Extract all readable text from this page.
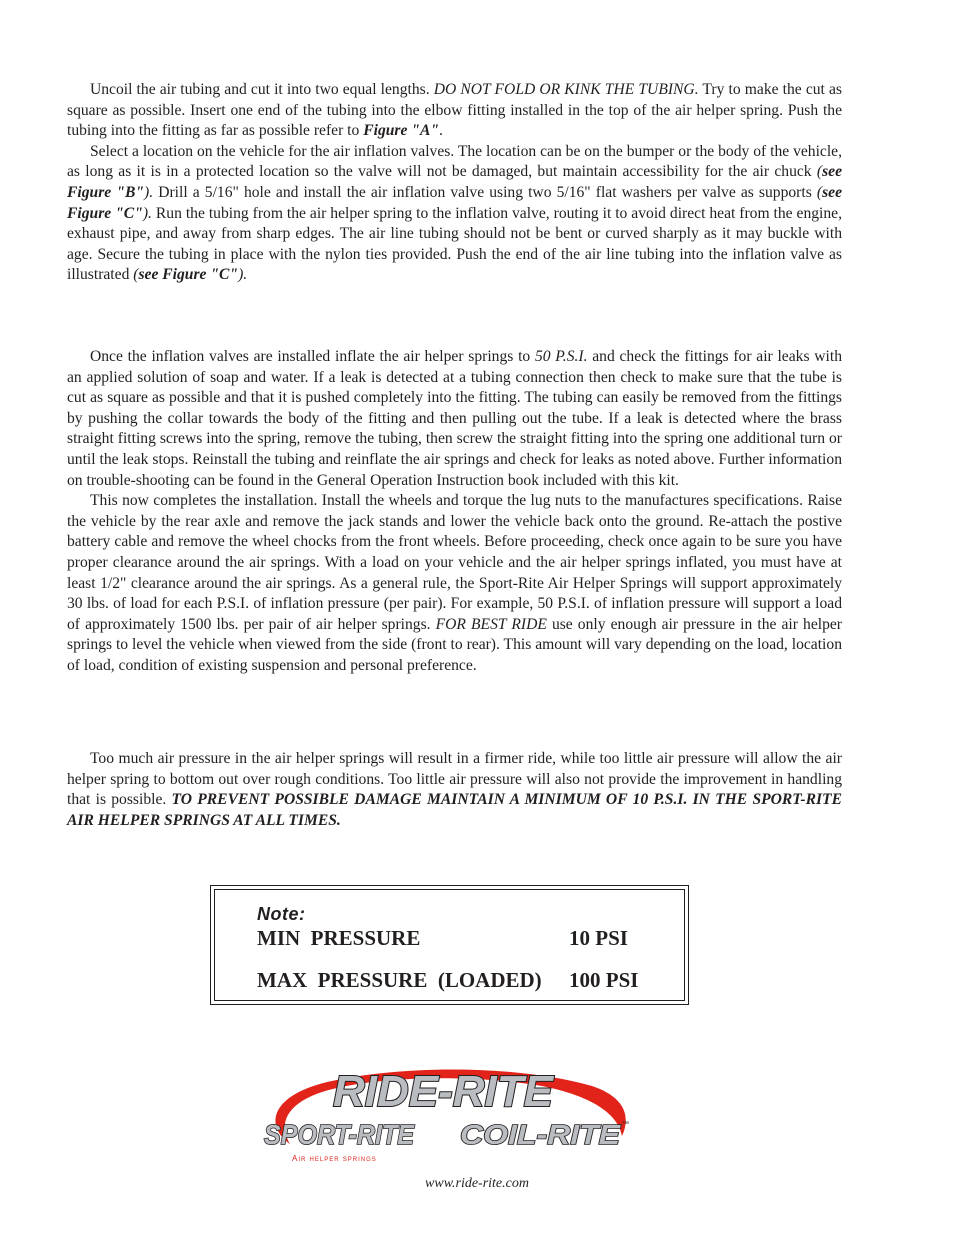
Uncoil the air tubing and cut it into two equal lengths. DO NOT FOLD OR KINK THE TUBING. Try to make the cut as square as possible. Insert one end of the tubing into the elbow fitting installed in the top of the air helper spring. Push the tubing into the fitting as far as possible refer to Figure "A".

Select a location on the vehicle for the air inflation valves. The location can be on the bumper or the body of the vehicle, as long as it is in a protected location so the valve will not be damaged, but maintain accessibility for the air chuck (see Figure "B"). Drill a 5/16" hole and install the air inflation valve using two 5/16" flat washers per valve as supports (see Figure "C"). Run the tubing from the air helper spring to the inflation valve, routing it to avoid direct heat from the engine, exhaust pipe, and away from sharp edges. The air line tubing should not be bent or curved sharply as it may buckle with age. Secure the tubing in place with the nylon ties provided. Push the end of the air line tubing into the inflation valve as illustrated (see Figure "C").

Once the inflation valves are installed inflate the air helper springs to 50 P.S.I. and check the fittings for air leaks with an applied solution of soap and water. If a leak is detected at a tubing connection then check to make sure that the tube is cut as square as possible and that it is pushed completely into the fitting. The tubing can easily be removed from the fittings by pushing the collar towards the body of the fitting and then pulling out the tube. If a leak is detected where the brass straight fitting screws into the spring, remove the tubing, then screw the straight fitting into the spring one additional turn or until the leak stops. Reinstall the tubing and reinflate the air springs and check for leaks as noted above. Further information on trouble-shooting can be found in the General Operation Instruction book included with this kit.

This now completes the installation. Install the wheels and torque the lug nuts to the manufactures specifications. Raise the vehicle by the rear axle and remove the jack stands and lower the vehicle back onto the ground. Re-attach the postive battery cable and remove the wheel chocks from the front wheels. Before proceeding, check once again to be sure you have proper clearance around the air springs. With a load on your vehicle and the air helper springs inflated, you must have at least 1/2" clearance around the air springs. As a general rule, the Sport-Rite Air Helper Springs will support approximately 30 lbs. of load for each P.S.I. of inflation pressure (per pair). For example, 50 P.S.I. of inflation pressure will support a load of approximately 1500 lbs. per pair of air helper springs. FOR BEST RIDE use only enough air pressure in the air helper springs to level the vehicle when viewed from the side (front to rear). This amount will vary depending on the load, location of load, condition of existing suspension and personal preference.

Too much air pressure in the air helper springs will result in a firmer ride, while too little air pressure will allow the air helper spring to bottom out over rough conditions. Too little air pressure will also not provide the improvement in handling that is possible. TO PREVENT POSSIBLE DAMAGE MAINTAIN A MINIMUM OF 10 P.S.I. IN THE SPORT-RITE AIR HELPER SPRINGS AT ALL TIMES.

Note:
MIN  PRESSURE	10 PSI
MAX  PRESSURE  (LOADED) 100 PSI
RIDE-RITE
SPORT-RITE COIL-RITE ™
Air helper springs
www.ride-rite.com
